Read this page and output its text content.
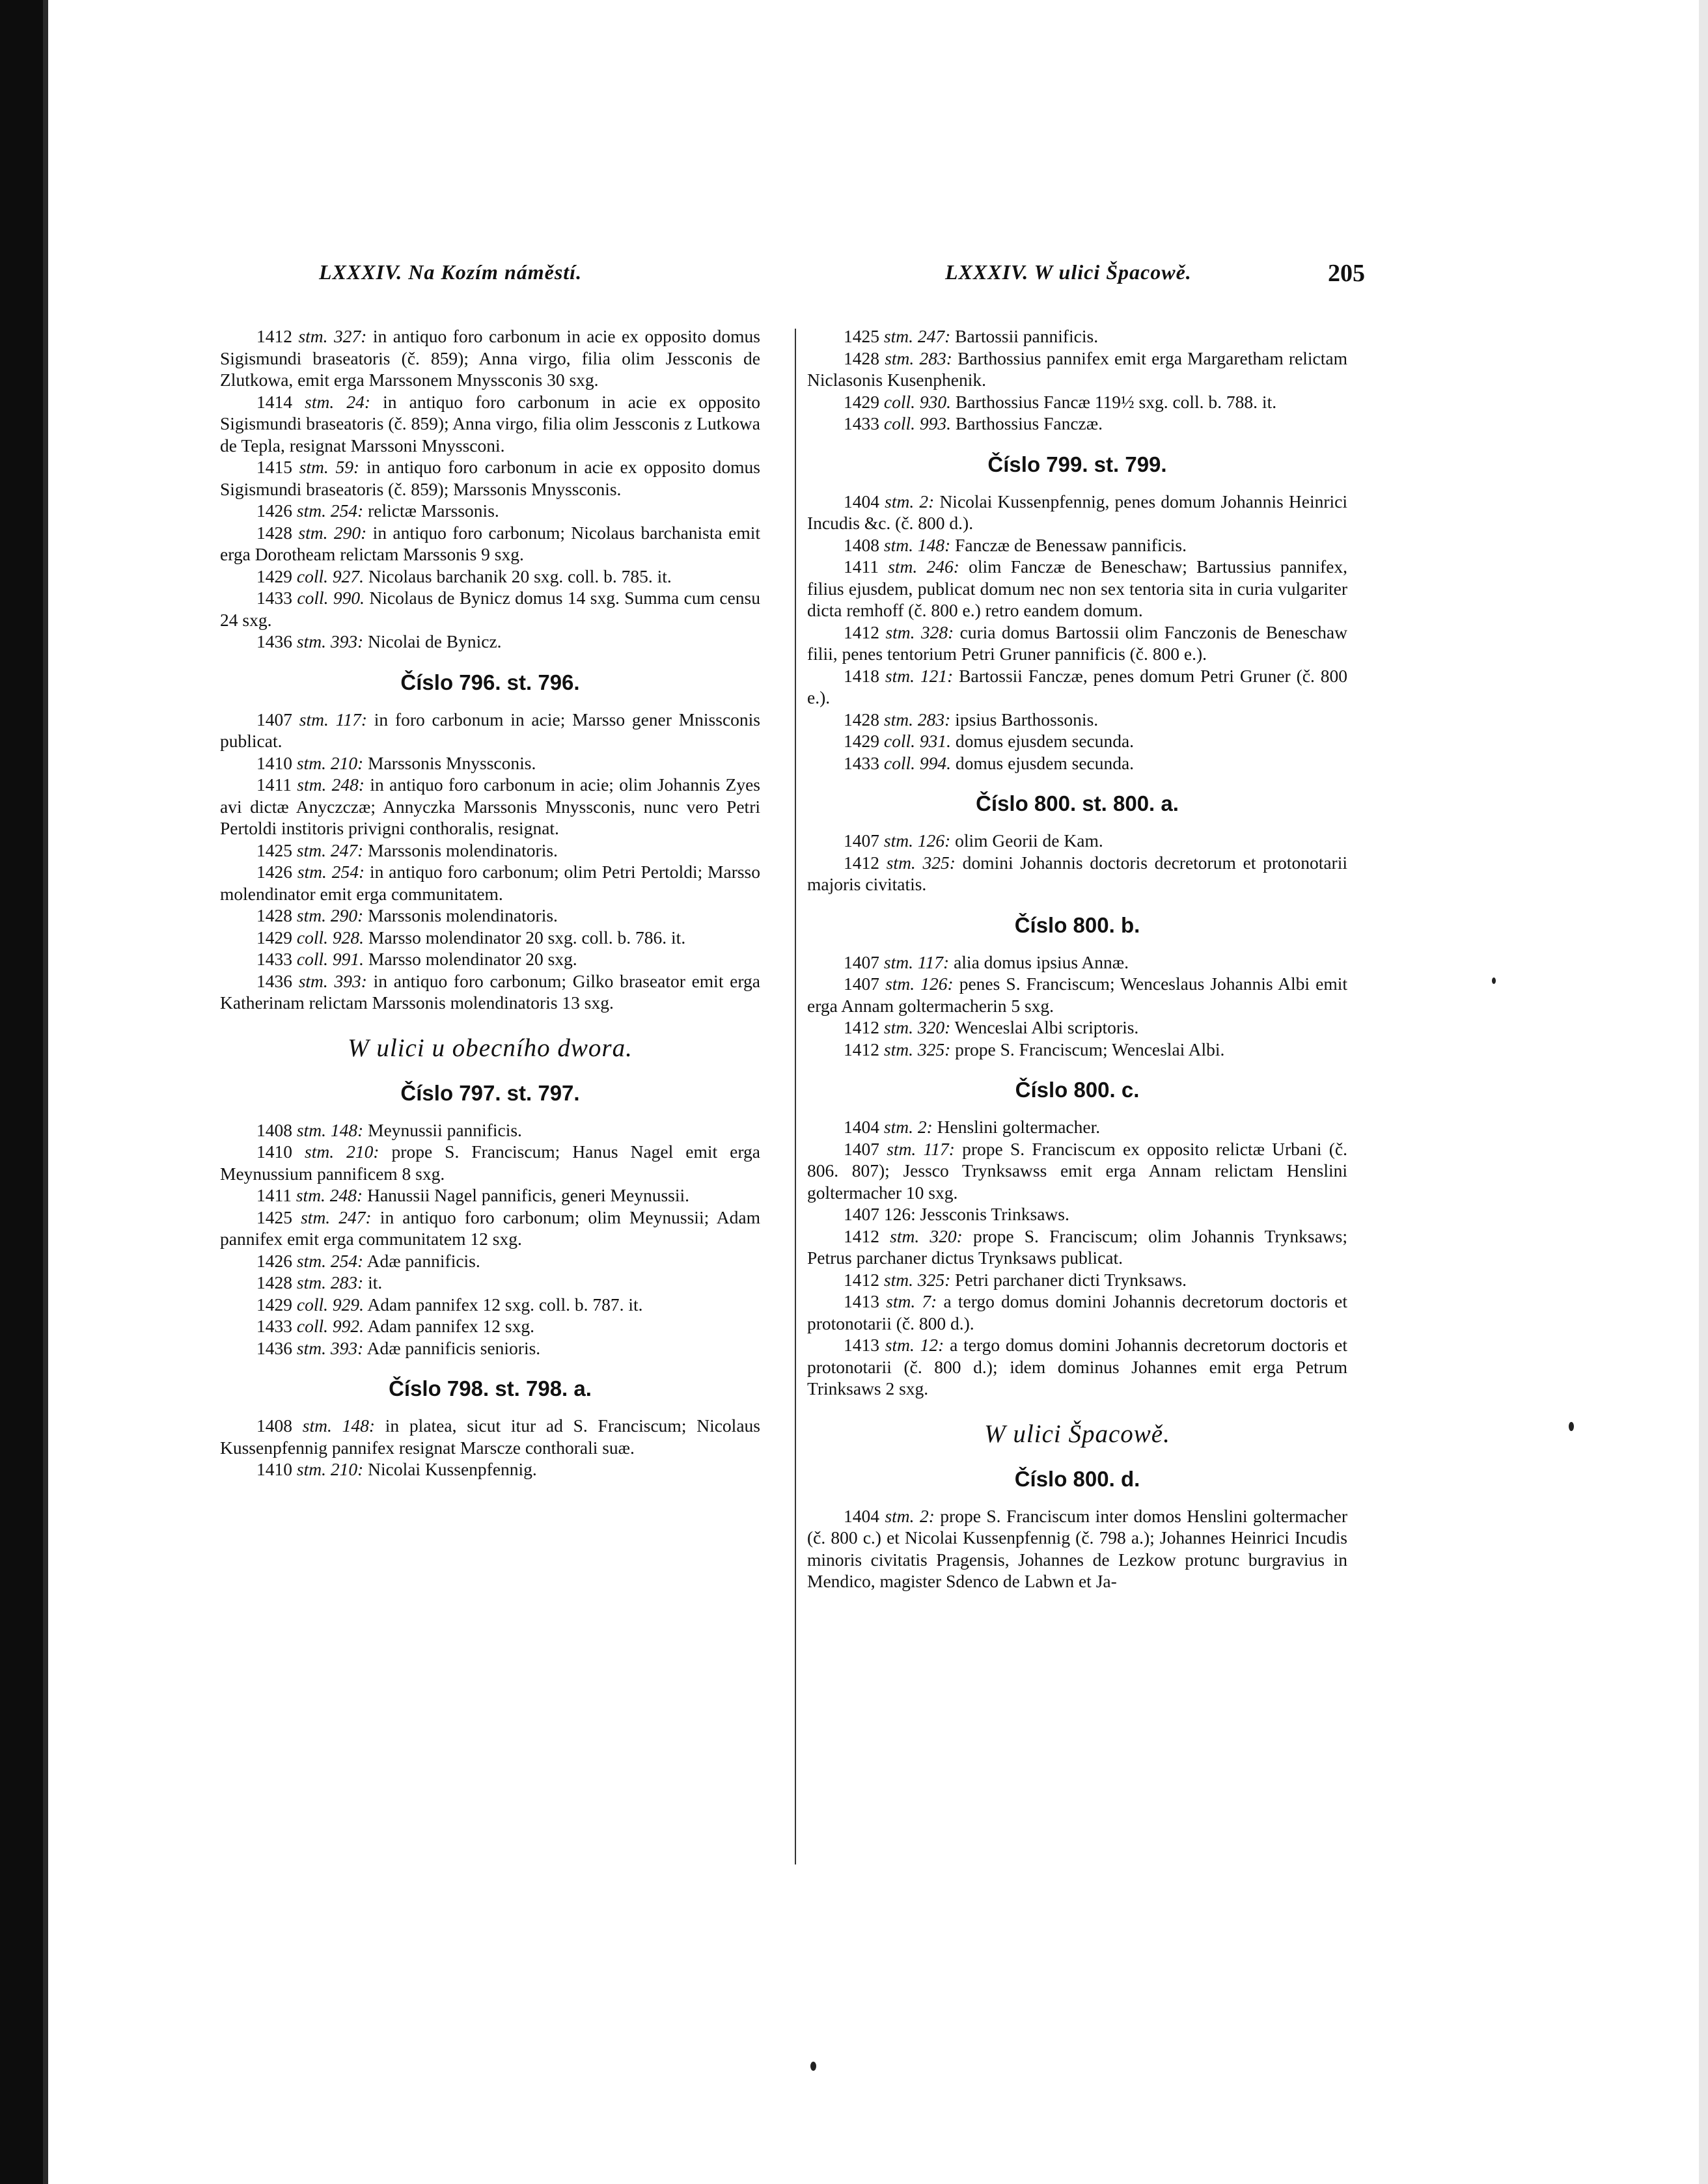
LXXXIV. Na Kozím náměstí.	LXXXIV. W ulici Špacowě.	205

1412 stm. 327: in antiquo foro carbonum in acie ex opposito domus Sigismundi braseatoris (č. 859); Anna virgo, filia olim Jessconis de Zlutkowa, emit erga Marssonem Mnyssconis 30 sxg.

1414 stm. 24: in antiquo foro carbonum in acie ex opposito Sigismundi braseatoris (č. 859); Anna virgo, filia olim Jessconis z Lutkowa de Tepla, resignat Marssoni Mnyssconi.

1415 stm. 59: in antiquo foro carbonum in acie ex opposito domus Sigismundi braseatoris (č. 859); Marssonis Mnyssconis.

1426 stm. 254: relictæ Marssonis.

1428 stm. 290: in antiquo foro carbonum; Nicolaus barchanista emit erga Dorotheam relictam Marssonis 9 sxg.

1429 coll. 927. Nicolaus barchanik 20 sxg. coll. b. 785. it.

1433 coll. 990. Nicolaus de Bynicz domus 14 sxg. Summa cum censu 24 sxg.

1436 stm. 393: Nicolai de Bynicz.

Číslo 796. st. 796.

1407 stm. 117: in foro carbonum in acie; Marsso gener Mnissconis publicat.

1410 stm. 210: Marssonis Mnyssconis.

1411 stm. 248: in antiquo foro carbonum in acie; olim Johannis Zyes avi dictæ Anyczczæ; Annyczka Marssonis Mnyssconis, nunc vero Petri Pertoldi institoris privigni conthoralis, resignat.

1425 stm. 247: Marssonis molendinatoris.

1426 stm. 254: in antiquo foro carbonum; olim Petri Pertoldi; Marsso molendinator emit erga communitatem.

1428 stm. 290: Marssonis molendinatoris.

1429 coll. 928. Marsso molendinator 20 sxg. coll. b. 786. it.

1433 coll. 991. Marsso molendinator 20 sxg.

1436 stm. 393: in antiquo foro carbonum; Gilko braseator emit erga Katherinam relictam Marssonis molendinatoris 13 sxg.

W ulici u obecního dwora.
Číslo 797. st. 797.

1408 stm. 148: Meynussii pannificis.

1410 stm. 210: prope S. Franciscum; Hanus Nagel emit erga Meynussium pannificem 8 sxg.

1411 stm. 248: Hanussii Nagel pannificis, generi Meynussii.

1425 stm. 247: in antiquo foro carbonum; olim Meynussii; Adam pannifex emit erga communitatem 12 sxg.

1426 stm. 254: Adæ pannificis.

1428 stm. 283: it.

1429 coll. 929. Adam pannifex 12 sxg. coll. b. 787. it.

1433 coll. 992. Adam pannifex 12 sxg.

1436 stm. 393: Adæ pannificis senioris.

Číslo 798. st. 798. a.

1408 stm. 148: in platea, sicut itur ad S. Franciscum; Nicolaus Kussenpfennig pannifex resignat Marscze conthorali suæ.

1410 stm. 210: Nicolai Kussenpfennig.

1425 stm. 247: Bartossii pannificis.

1428 stm. 283: Barthossius pannifex emit erga Margaretham relictam Niclasonis Kusenphenik.

1429 coll. 930. Barthossius Fancæ 119½ sxg. coll. b. 788. it.

1433 coll. 993. Barthossius Fanczæ.

Číslo 799. st. 799.

1404 stm. 2: Nicolai Kussenpfennig, penes domum Johannis Heinrici Incudis &c. (č. 800 d.).

1408 stm. 148: Fanczæ de Benessaw pannificis.

1411 stm. 246: olim Fanczæ de Beneschaw; Bartussius pannifex, filius ejusdem, publicat domum nec non sex tentoria sita in curia vulgariter dicta remhoff (č. 800 e.) retro eandem domum.

1412 stm. 328: curia domus Bartossii olim Fanczonis de Beneschaw filii, penes tentorium Petri Gruner pannificis (č. 800 e.).

1418 stm. 121: Bartossii Fanczæ, penes domum Petri Gruner (č. 800 e.).

1428 stm. 283: ipsius Barthossonis.

1429 coll. 931. domus ejusdem secunda.

1433 coll. 994. domus ejusdem secunda.

Číslo 800. st. 800. a.

1407 stm. 126: olim Georii de Kam.

1412 stm. 325: domini Johannis doctoris decretorum et protonotarii majoris civitatis.

Číslo 800. b.

1407 stm. 117: alia domus ipsius Annæ.

1407 stm. 126: penes S. Franciscum; Wenceslaus Johannis Albi emit erga Annam goltermacherin 5 sxg.

1412 stm. 320: Wenceslai Albi scriptoris.

1412 stm. 325: prope S. Franciscum; Wenceslai Albi.

Číslo 800. c.

1404 stm. 2: Henslini goltermacher.

1407 stm. 117: prope S. Franciscum ex opposito relictæ Urbani (č. 806. 807); Jessco Trynksawss emit erga Annam relictam Henslini goltermacher 10 sxg.

1407 126: Jessconis Trinksaws.

1412 stm. 320: prope S. Franciscum; olim Johannis Trynksaws; Petrus parchaner dictus Trynksaws publicat.

1412 stm. 325: Petri parchaner dicti Trynksaws.

1413 stm. 7: a tergo domus domini Johannis decretorum doctoris et protonotarii (č. 800 d.).

1413 stm. 12: a tergo domus domini Johannis decretorum doctoris et protonotarii (č. 800 d.); idem dominus Johannes emit erga Petrum Trinksaws 2 sxg.

W ulici Špacowě.
Číslo 800. d.

1404 stm. 2: prope S. Franciscum inter domos Henslini goltermacher (č. 800 c.) et Nicolai Kussenpfennig (č. 798 a.); Johannes Heinrici Incudis minoris civitatis Pragensis, Johannes de Lezkow protunc burgravius in Mendico, magister Sdenco de Labwn et Ja-
